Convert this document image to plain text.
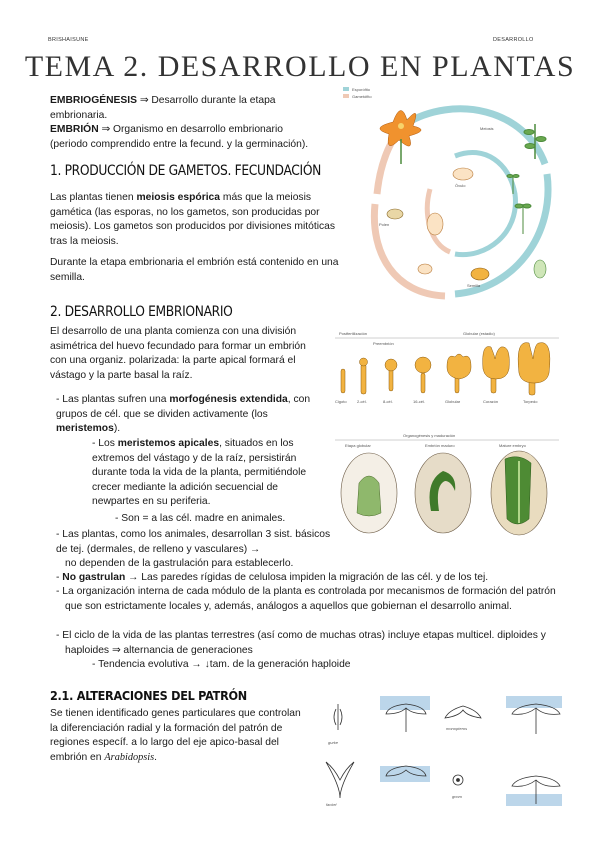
BRISHAISUNE	DESARROLLO
TEMA 2. DESARROLLO EN PLANTAS
EMBRIOGÉNESIS ⇒ Desarrollo durante la etapa embrionaria.
EMBRIÓN ⇒ Organismo en desarrollo embrionario (periodo comprendido entre la fecund. y la germinación).
1. PRODUCCIÓN DE GAMETOS. FECUNDACIÓN
Las plantas tienen meiosis espórica más que la meiosis gamética (las esporas, no los gametos, son producidas por meiosis). Los gametos son producidos por divisiones mitóticas tras la meiosis.
Durante la etapa embrionaria el embrión está contenido en una semilla.
2. DESARROLLO EMBRIONARIO
El desarrollo de una planta comienza con una división asimétrica del huevo fecundado para formar un embrión con una organiz. polarizada: la parte apical formará el vástago y la parte basal la raíz.
- Las plantas sufren una morfogénesis extendida, con grupos de cél. que se dividen activamente (los meristemos).
- Los meristemos apicales, situados en los extremos del vástago y de la raíz, persistirán durante toda la vida de la planta, permitiéndole crecer mediante la adición secuencial de newpartes en su periferia.
- Son = a las cél. madre en animales.
- Las plantas, como los animales, desarrollan 3 sist. básicos de tej. (dermales, de relleno y vasculares) →
no dependen de la gastrulación para establecerlo.
- No gastrulan → Las paredes rígidas de celulosa impiden la migración de las cél. y de los tej.
- La organización interna de cada módulo de la planta es controlada por mecanismos de formación del patrón que son estrictamente locales y, además, análogos a aquellos que gobiernan el desarrollo animal.
- El ciclo de la vida de las plantas terrestres (así como de muchas otras) incluye etapas multicel. diploides y haploides ⇒ alternancia de generaciones
- Tendencia evolutiva → ↓tam. de la generación haploide
2.1. ALTERACIONES DEL PATRÓN
Se tienen identificado genes particulares que controlan la diferenciación radial y la formación del patrón de regiones específ. a lo largo del eje apico-basal del embrión en Arabidopsis.
Esporófito
Gametófito
Óvulo
Polen
Meiosis
Semilla
Postfertilización	Globular (estadio)
Preembrión
Cigoto	2-cél.	8-cél.	16-cél.	Globular	Corazón	Torpedo
Organogénesis y maduración
Etapa globular	Embrión maduro	Mature embryo
gurke
monopteros
fackel
gnom
